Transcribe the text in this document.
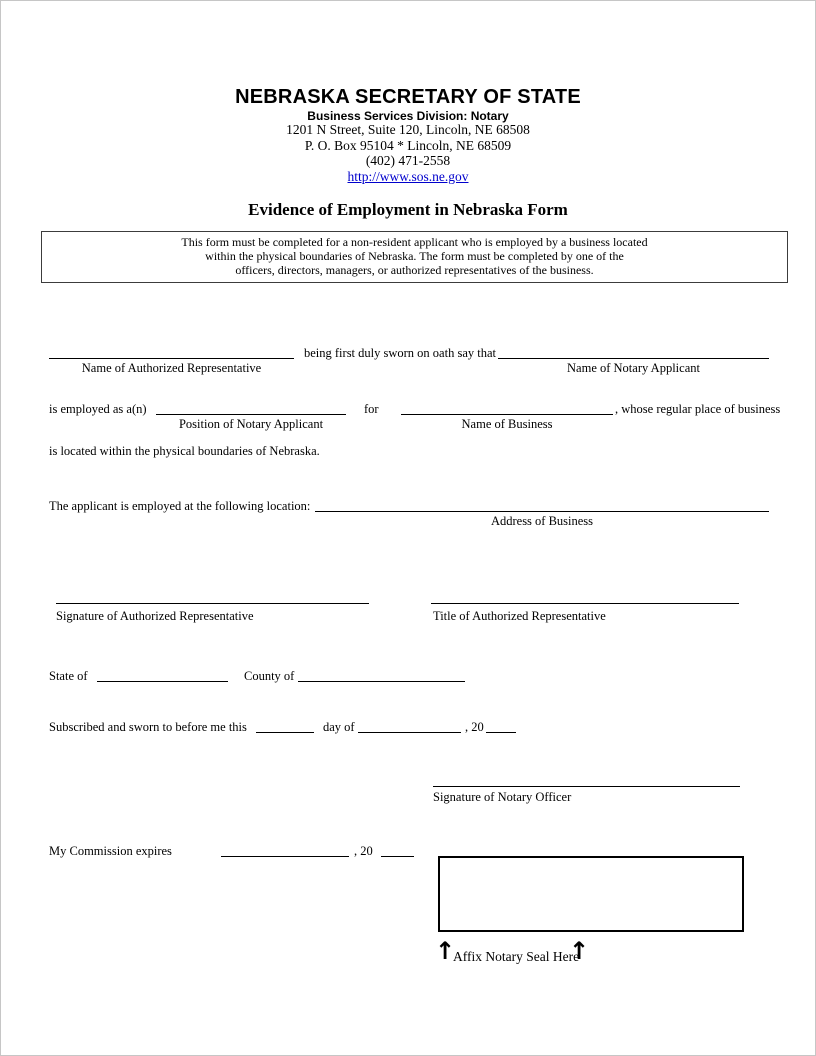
NEBRASKA SECRETARY OF STATE
Business Services Division: Notary
1201 N Street, Suite 120, Lincoln, NE 68508
P. O. Box 95104 * Lincoln, NE 68509
(402) 471-2558
http://www.sos.ne.gov
Evidence of Employment in Nebraska Form
This form must be completed for a non-resident applicant who is employed by a business located
within the physical boundaries of Nebraska. The form must be completed by one of the
officers, directors, managers, or authorized representatives of the business.
being first duly sworn on oath say that
Name of Authorized Representative	Name of Notary Applicant
is employed as a(n)	for	, whose regular place of business
Position of Notary Applicant	Name of Business
is located within the physical boundaries of Nebraska.
The applicant is employed at the following location:
Address of Business
Signature of Authorized Representative	Title of Authorized Representative
State of	County of
Subscribed and sworn to before me this	day of	, 20
Signature of Notary Officer
My Commission expires	, 20
↑
Affix Notary Seal Here
↑
